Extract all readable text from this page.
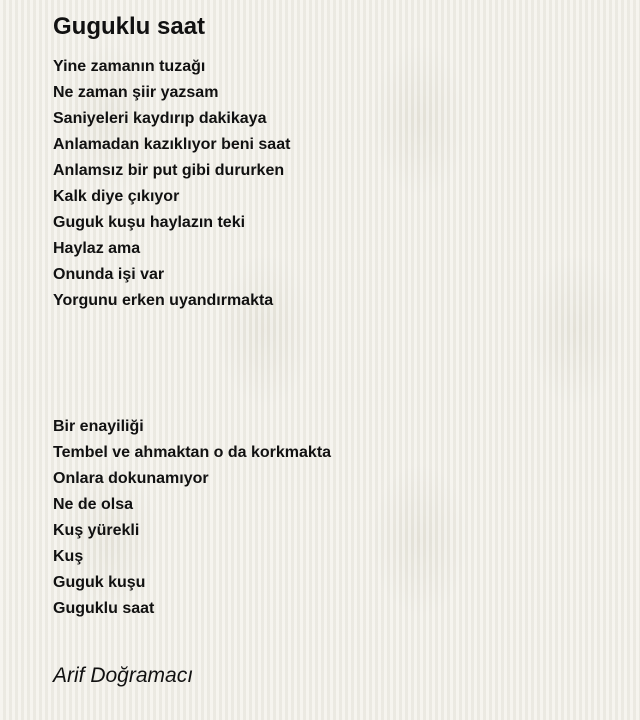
Guguklu saat
Yine zamanın tuzağı
Ne zaman şiir yazsam
Saniyeleri kaydırıp dakikaya
Anlamadan kazıklıyor beni saat
Anlamsız bir put gibi dururken
Kalk diye çıkıyor
Guguk kuşu haylazın teki
Haylaz ama
Onunda işi var
Yorgunu erken uyandırmakta
Bir enayiliği
Tembel ve ahmaktan o da korkmakta
Onlara dokunamıyor
Ne de olsa
Kuş yürekli
Kuş
Guguk kuşu
Guguklu saat
Arif Doğramacı
